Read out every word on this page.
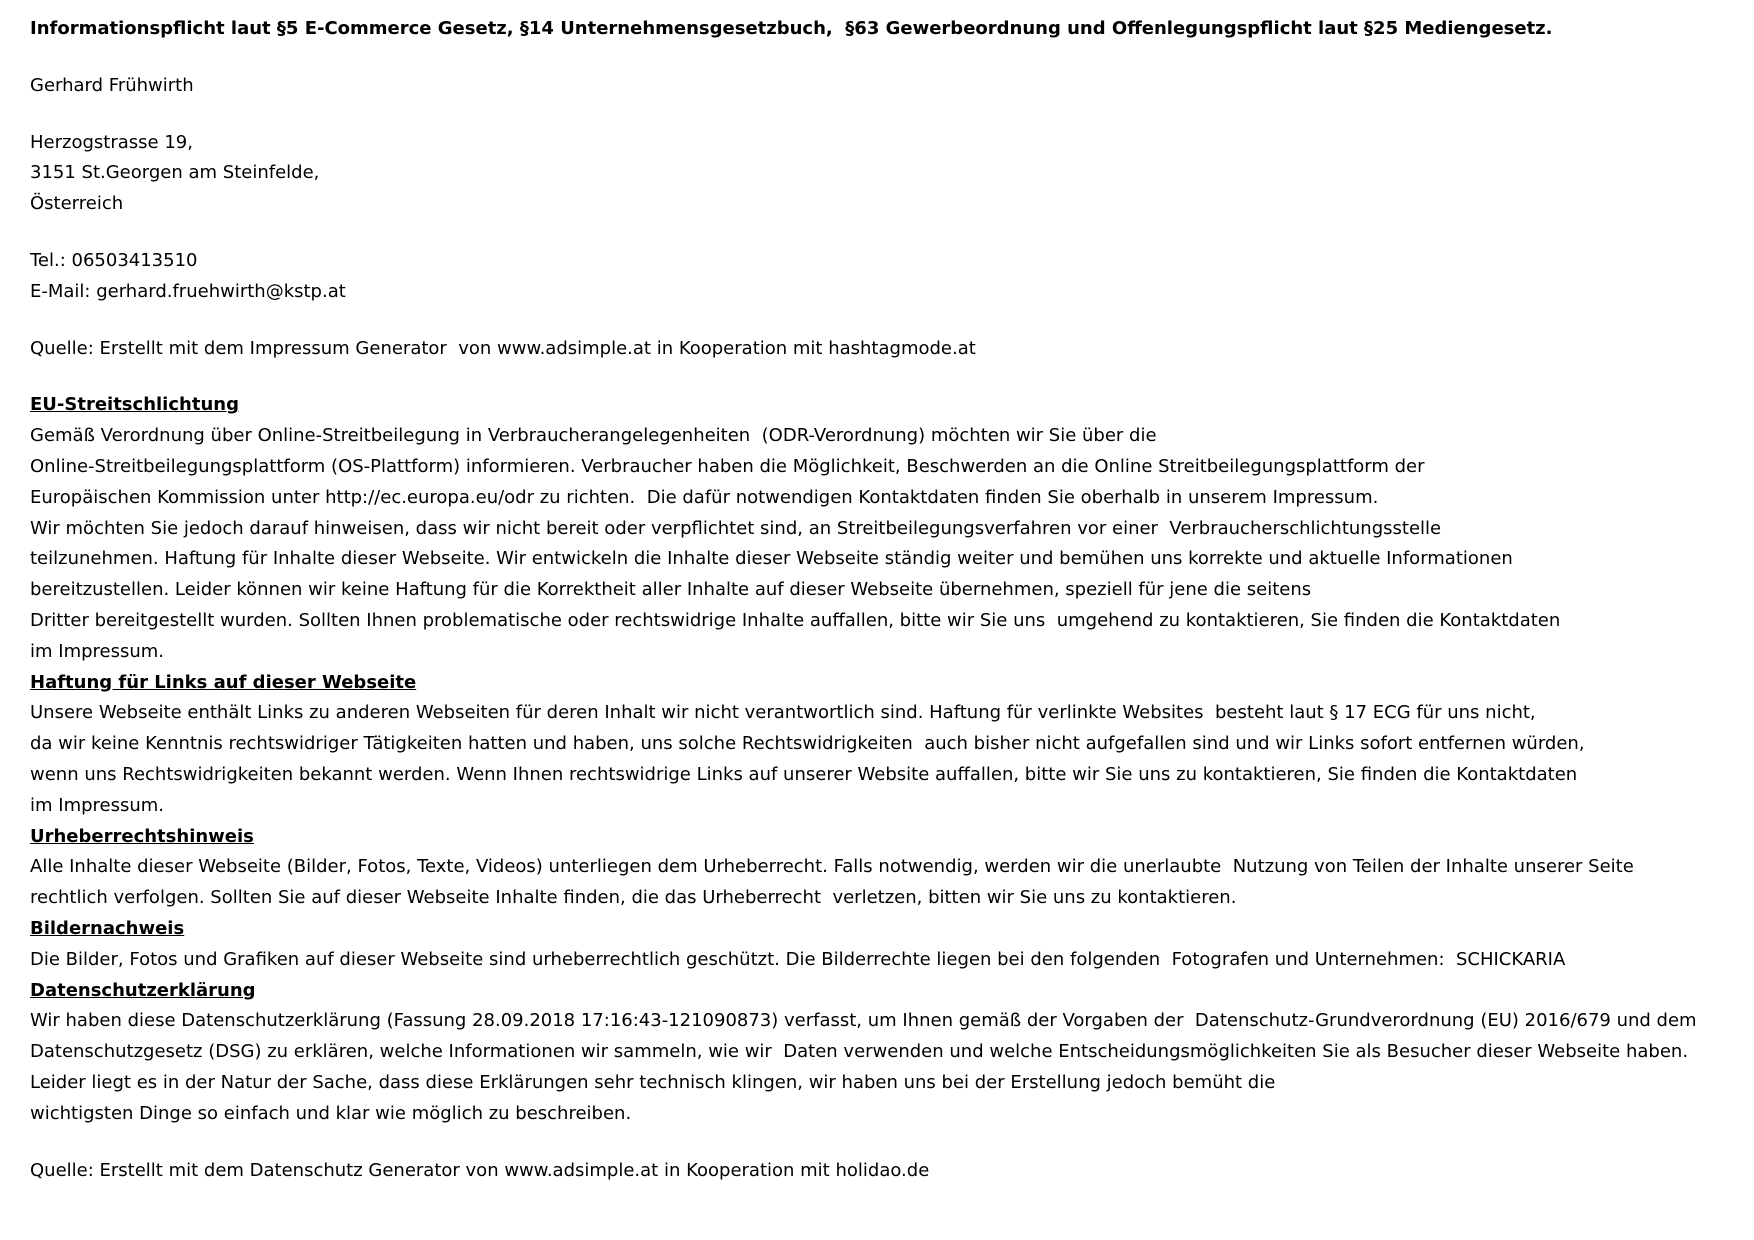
Informationspflicht laut §5 E-Commerce Gesetz, §14 Unternehmensgesetzbuch,  §63 Gewerbeordnung und Offenlegungspflicht laut §25 Mediengesetz.
Gerhard Frühwirth
Herzogstrasse 19,
3151 St.Georgen am Steinfelde,
Österreich
Tel.: 06503413510
E-Mail: gerhard.fruehwirth@kstp.at
Quelle: Erstellt mit dem Impressum Generator  von www.adsimple.at in Kooperation mit hashtagmode.at
EU-Streitschlichtung
Gemäß Verordnung über Online-Streitbeilegung in Verbraucherangelegenheiten  (ODR-Verordnung) möchten wir Sie über die
Online-Streitbeilegungsplattform (OS-Plattform) informieren. Verbraucher haben die Möglichkeit, Beschwerden an die Online Streitbeilegungsplattform der
Europäischen Kommission unter http://ec.europa.eu/odr zu richten.  Die dafür notwendigen Kontaktdaten finden Sie oberhalb in unserem Impressum.
Wir möchten Sie jedoch darauf hinweisen, dass wir nicht bereit oder verpflichtet sind, an Streitbeilegungsverfahren vor einer  Verbraucherschlichtungsstelle
teilzunehmen. Haftung für Inhalte dieser Webseite. Wir entwickeln die Inhalte dieser Webseite ständig weiter und bemühen uns korrekte und aktuelle Informationen
bereitzustellen. Leider können wir keine Haftung für die Korrektheit aller Inhalte auf dieser Webseite übernehmen, speziell für jene die seitens
Dritter bereitgestellt wurden. Sollten Ihnen problematische oder rechtswidrige Inhalte auffallen, bitte wir Sie uns  umgehend zu kontaktieren, Sie finden die Kontaktdaten
im Impressum.
Haftung für Links auf dieser Webseite
Unsere Webseite enthält Links zu anderen Webseiten für deren Inhalt wir nicht verantwortlich sind. Haftung für verlinkte Websites  besteht laut § 17 ECG für uns nicht,
da wir keine Kenntnis rechtswidriger Tätigkeiten hatten und haben, uns solche Rechtswidrigkeiten  auch bisher nicht aufgefallen sind und wir Links sofort entfernen würden,
wenn uns Rechtswidrigkeiten bekannt werden. Wenn Ihnen rechtswidrige Links auf unserer Website auffallen, bitte wir Sie uns zu kontaktieren, Sie finden die Kontaktdaten
im Impressum.
Urheberrechtshinweis
Alle Inhalte dieser Webseite (Bilder, Fotos, Texte, Videos) unterliegen dem Urheberrecht. Falls notwendig, werden wir die unerlaubte  Nutzung von Teilen der Inhalte unserer Seite
rechtlich verfolgen. Sollten Sie auf dieser Webseite Inhalte finden, die das Urheberrecht  verletzen, bitten wir Sie uns zu kontaktieren.
Bildernachweis
Die Bilder, Fotos und Grafiken auf dieser Webseite sind urheberrechtlich geschützt. Die Bilderrechte liegen bei den folgenden  Fotografen und Unternehmen:  SCHICKARIA
Datenschutzerklärung
Wir haben diese Datenschutzerklärung (Fassung 28.09.2018 17:16:43-121090873) verfasst, um Ihnen gemäß der Vorgaben der  Datenschutz-Grundverordnung (EU) 2016/679 und dem
Datenschutzgesetz (DSG) zu erklären, welche Informationen wir sammeln, wie wir  Daten verwenden und welche Entscheidungsmöglichkeiten Sie als Besucher dieser Webseite haben.
Leider liegt es in der Natur der Sache, dass diese Erklärungen sehr technisch klingen, wir haben uns bei der Erstellung jedoch bemüht die
wichtigsten Dinge so einfach und klar wie möglich zu beschreiben.
Quelle: Erstellt mit dem Datenschutz Generator von www.adsimple.at in Kooperation mit holidao.de
